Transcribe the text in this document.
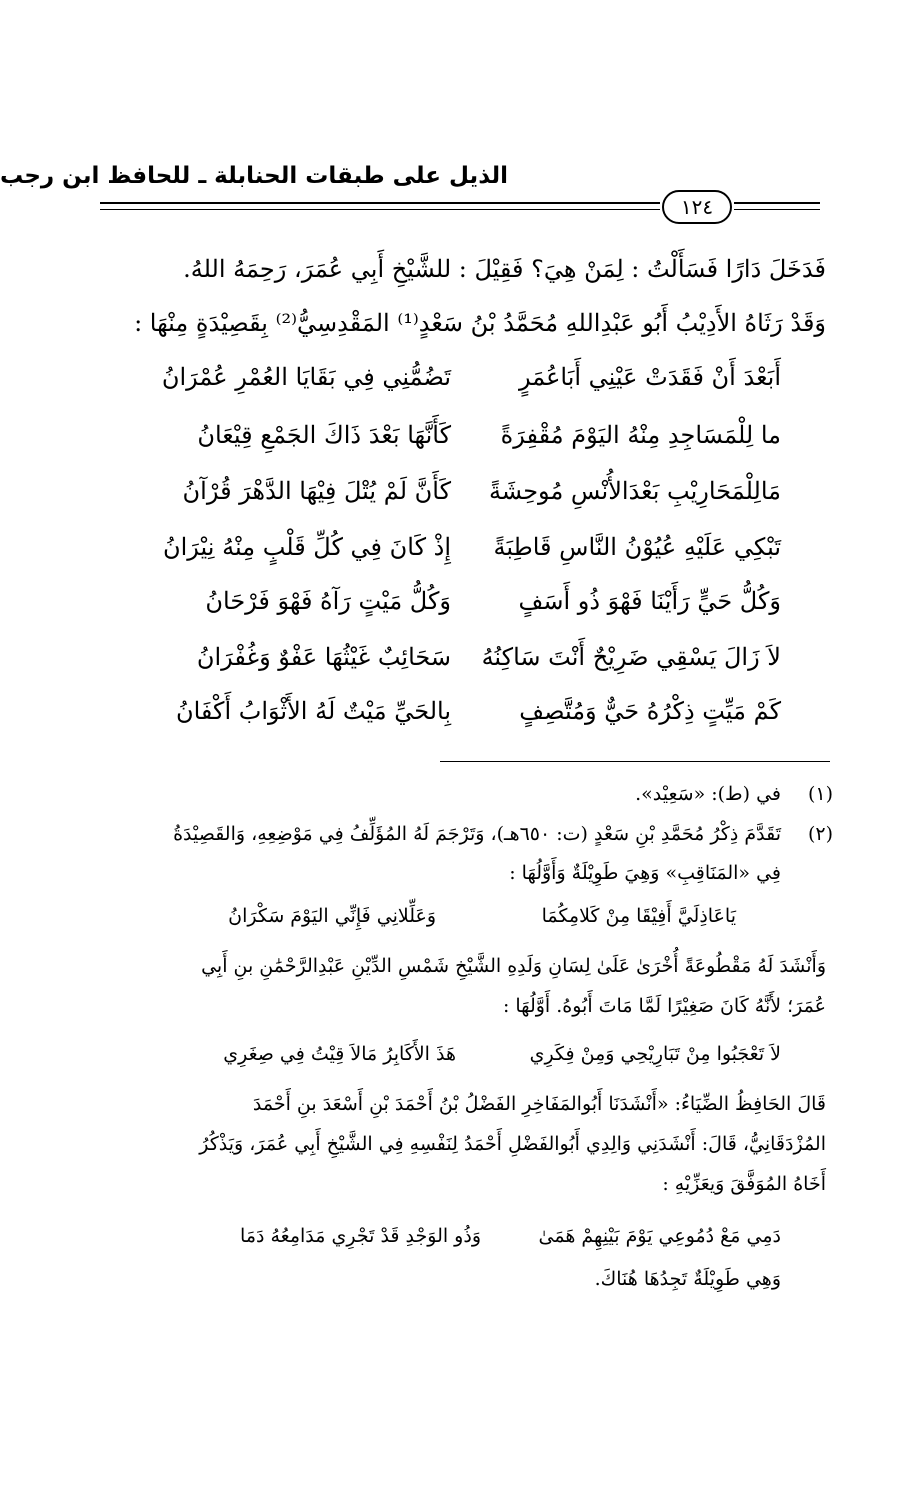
الذيل على طبقات الحنابلة ـ للحافظ ابن رجب
١٢٤
فَدَخَلَ دَارًا فَسَأَلْتُ : لِمَنْ هِيَ؟ فَقِيْلَ : للشَّيْخِ أَبِي عُمَرَ، رَحِمَهُ اللهُ.
وَقَدْ رَثَاهُ الأَدِيْبُ أَبُو عَبْدِاللهِ مُحَمَّدُ بْنُ سَعْدٍ⁽¹⁾ المَقْدِسِيُّ⁽²⁾ بِقَصِيْدَةٍ مِنْهَا :
أَبَعْدَ أَنْ فَقَدَتْ عَيْنِي أَبَاعُمَرٍ
تَضُمُّنِي فِي بَقَايَا العُمْرِ عُمْرَانُ
ما لِلْمَسَاجِدِ مِنْهُ اليَوْمَ مُقْفِرَةً
كَأَنَّهَا بَعْدَ ذَاكَ الجَمْعِ قِيْعَانُ
مَالِلْمَحَارِيْبِ بَعْدَالأُنْسِ مُوحِشَةً
كَأَنَّ لَمْ يُتْلَ فِيْهَا الدَّهْرَ قُرْآنُ
تَبْكِي عَلَيْهِ عُيُوْنُ النَّاسِ قَاطِبَةً
إِذْ كَانَ فِي كُلِّ قَلْبٍ مِنْهُ نِيْرَانُ
وَكُلُّ حَيٍّ رَأَيْنَا فَهْوَ ذُو أَسَفٍ
وَكُلُّ مَيْتٍ رَآهُ فَهْوَ فَرْحَانُ
لاَ زَالَ يَسْقِي ضَرِيْحٌ أَنْتَ سَاكِنُهُ
سَحَائِبٌ غَيْثُهَا عَفْوٌ وَغُفْرَانُ
كَمْ مَيِّتٍ ذِكْرُهُ حَيٌّ وَمُتَّصِفٍ
بِالحَيِّ مَيْتٌ لَهُ الأَثْوَابُ أَكْفَانُ
(١)
في (ط): «سَعِيْد».
(٢)
تَقَدَّمَ ذِكْرُ مُحَمَّدِ بْنِ سَعْدٍ (ت: ٦٥٠هـ)، وَتَرْجَمَ لَهُ المُؤَلِّفُ فِي مَوْضِعِهِ، وَالقَصِيْدَةُ
فِي «المَنَاقِبِ» وَهِيَ طَوِيْلَةٌ وَأَوَّلُهَا :
يَاعَاذِلَيَّ أَفِيْقَا مِنْ كَلامِكُمَا
وَعَلِّلانِي فَإِنِّي اليَوْمَ سَكْرَانُ
وَأَنْشَدَ لَهُ مَقْطُوعَةً أُخْرَىٰ عَلَىٰ لِسَانِ وَلَدِهِ الشَّيْخِ شَمْسِ الدِّيْنِ عَبْدِالرَّحْمَٰنِ بنِ أَبِي
عُمَرَ؛ لأَنَّهُ كَانَ صَغِيْرًا لَمَّا مَاتَ أَبُوهُ. أَوَّلُهَا :
لاَ تَعْجَبُوا مِنْ تَبَارِيْحِي وَمِنْ فِكَرِي
هَذَ الأَكَابِرُ مَالاَ قِيْتُ فِي صِغَرِي
قَالَ الحَافِظُ الضِّيَاءُ: «أَنْشَدَنَا أَبُوالمَفَاخِرِ الفَضْلُ بْنُ أَحْمَدَ بْنِ أَسْعَدَ بنِ أَحْمَدَ
المُزْدَقَانِيُّ، قَالَ: أَنْشَدَنِي وَالِدِي أَبُوالفَضْلِ أَحْمَدُ لِنَفْسِهِ فِي الشَّيْخِ أَبِي عُمَرَ، وَيَذْكُرُ
أَخَاهُ المُوَفَّقَ وَيعَزِّيْهِ :
دَمِي مَعْ دُمُوعِي يَوْمَ بَيْنِهِمْ هَمَىٰ
وَذُو الوَجْدِ قَدْ تَجْرِي مَدَامِعُهُ دَمَا
وَهِي طَوِيْلَةٌ تَجِدُهَا هُنَاكَ.
